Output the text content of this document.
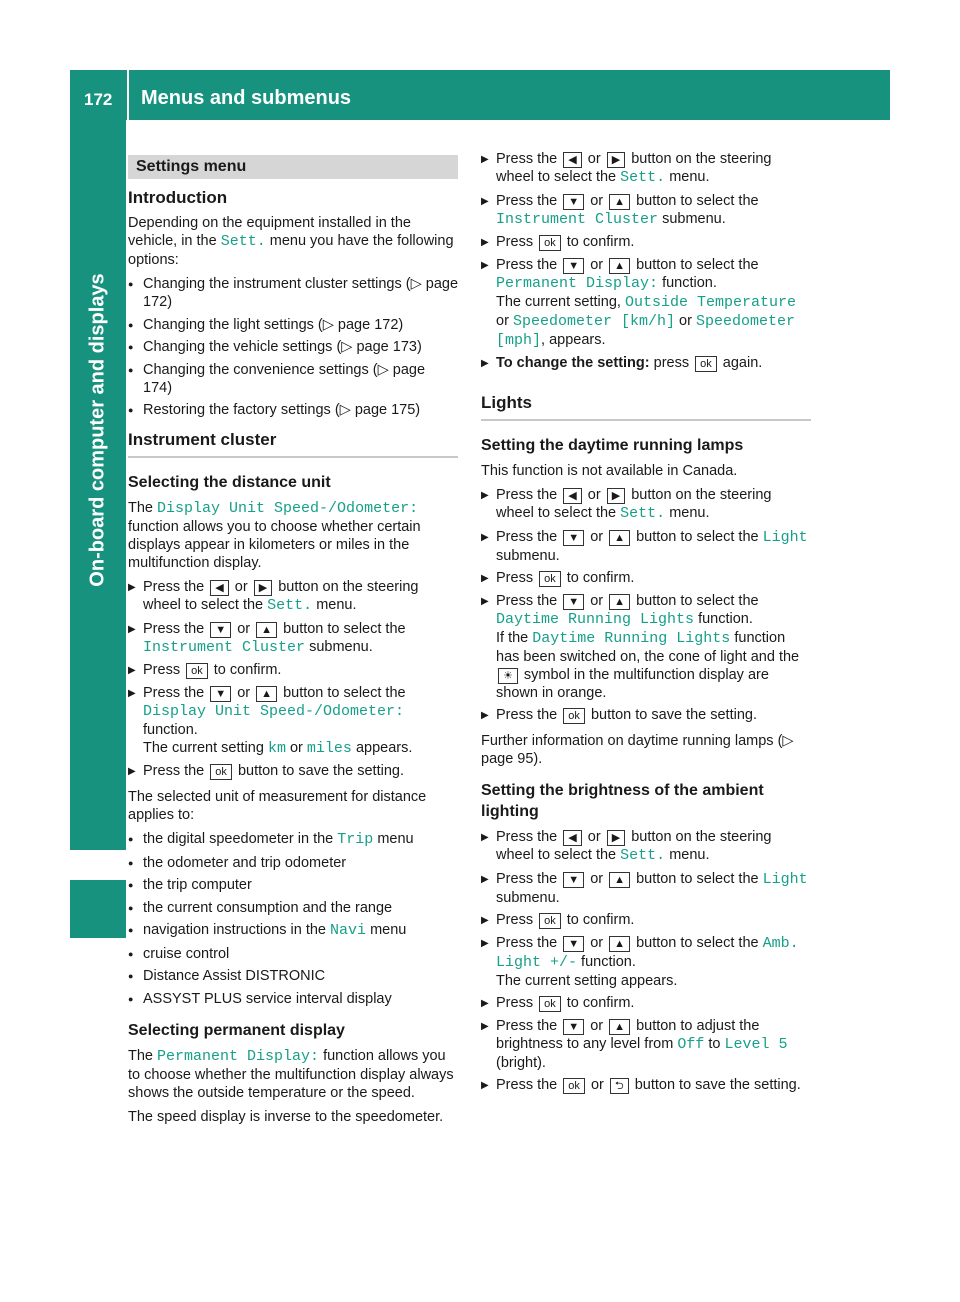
172 Menus and submenus
On-board computer and displays
Settings menu
Introduction

Depending on the equipment installed in the vehicle, in the Sett. menu you have the following options:

● Changing the instrument cluster settings (▷ page 172)
● Changing the light settings (▷ page 172)
● Changing the vehicle settings (▷ page 173)
● Changing the convenience settings (▷ page 174)
● Restoring the factory settings (▷ page 175)
Instrument cluster
Selecting the distance unit

The Display Unit Speed-/Odometer: function allows you to choose whether certain displays appear in kilometers or miles in the multifunction display.

▶ Press the ◀ or ▶ button on the steering wheel to select the Sett. menu.
▶ Press the ▼ or ▲ button to select the Instrument Cluster submenu.
▶ Press ok to confirm.
▶ Press the ▼ or ▲ button to select the Display Unit Speed-/Odometer: function.
The current setting km or miles appears.
▶ Press the ok button to save the setting.

The selected unit of measurement for distance applies to:

● the digital speedometer in the Trip menu
● the odometer and trip odometer
● the trip computer
● the current consumption and the range
● navigation instructions in the Navi menu
● cruise control
● Distance Assist DISTRONIC
● ASSYST PLUS service interval display
Selecting permanent display

The Permanent Display: function allows you to choose whether the multifunction display always shows the outside temperature or the speed.

The speed display is inverse to the speedometer.

▶ Press the ◀ or ▶ button on the steering wheel to select the Sett. menu.
▶ Press the ▼ or ▲ button to select the Instrument Cluster submenu.
▶ Press ok to confirm.
▶ Press the ▼ or ▲ button to select the Permanent Display: function.
The current setting, Outside Temperature or Speedometer [km/h] or Speedometer [mph], appears.
▶ To change the setting: press ok again.
Lights
Setting the daytime running lamps

This function is not available in Canada.

▶ Press the ◀ or ▶ button on the steering wheel to select the Sett. menu.
▶ Press the ▼ or ▲ button to select the Light submenu.
▶ Press ok to confirm.
▶ Press the ▼ or ▲ button to select the Daytime Running Lights function.
If the Daytime Running Lights function has been switched on, the cone of light and the ☀ symbol in the multifunction display are shown in orange.
▶ Press the ok button to save the setting.

Further information on daytime running lamps (▷ page 95).

Setting the brightness of the ambient lighting
▶ Press the ◀ or ▶ button on the steering wheel to select the Sett. menu.
▶ Press the ▼ or ▲ button to select the Light submenu.
▶ Press ok to confirm.
▶ Press the ▼ or ▲ button to select the Amb. Light +/- function.
The current setting appears.
▶ Press ok to confirm.
▶ Press the ▼ or ▲ button to adjust the brightness to any level from Off to Level 5 (bright).
▶ Press the ok or ⮌ button to save the setting.
